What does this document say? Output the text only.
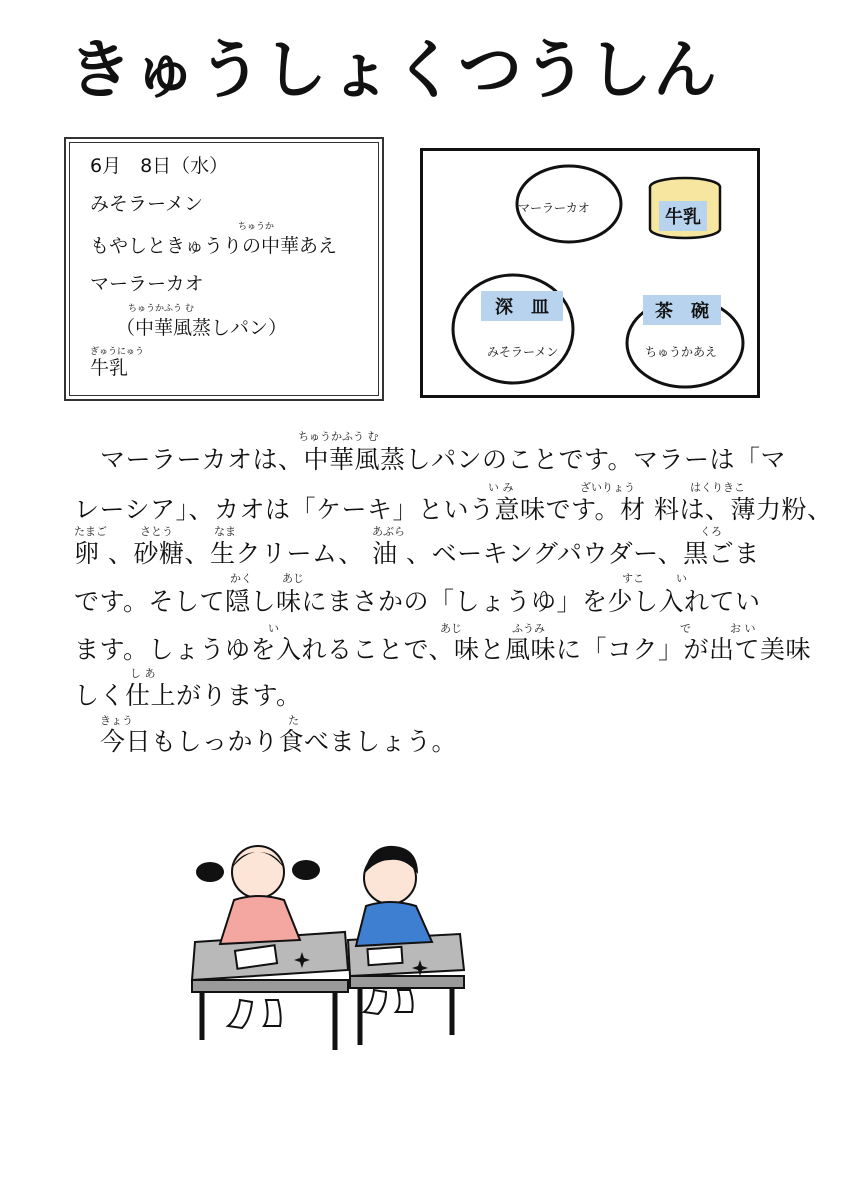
きゅうしょくつうしん
6月　8日（水）
みそラーメン
ちゅうか
もやしときゅうりの中華あえ
マーラーカオ
ちゅうかふう む
（中華風蒸しパン）
ぎゅうにゅう
牛乳
マーラーカオ	牛乳
深　皿
みそラーメン
茶　碗
ちゅうかあえ
ちゅうかふう む
マーラーカオは、中華風蒸しパンのことです。マラーは「マ
い み	ざいりょう	はくりきこ
レーシア」、カオは「ケーキ」という意味です。材 料は、薄力粉、
たまご	さとう	なま	あぶら	くろ
卵 、砂糖、生クリーム、 油 、ベーキングパウダー、黒ごま
かく	あじ	すこ	い
です。そして隠し味にまさかの「しょうゆ」を少し入れてい
い	あじ	ふうみ	で	お い
ます。しょうゆを入れることで、味と風味に「コク」が出て美味
し あ
しく仕上がります。
きょう	た
今日もしっかり食べましょう。
